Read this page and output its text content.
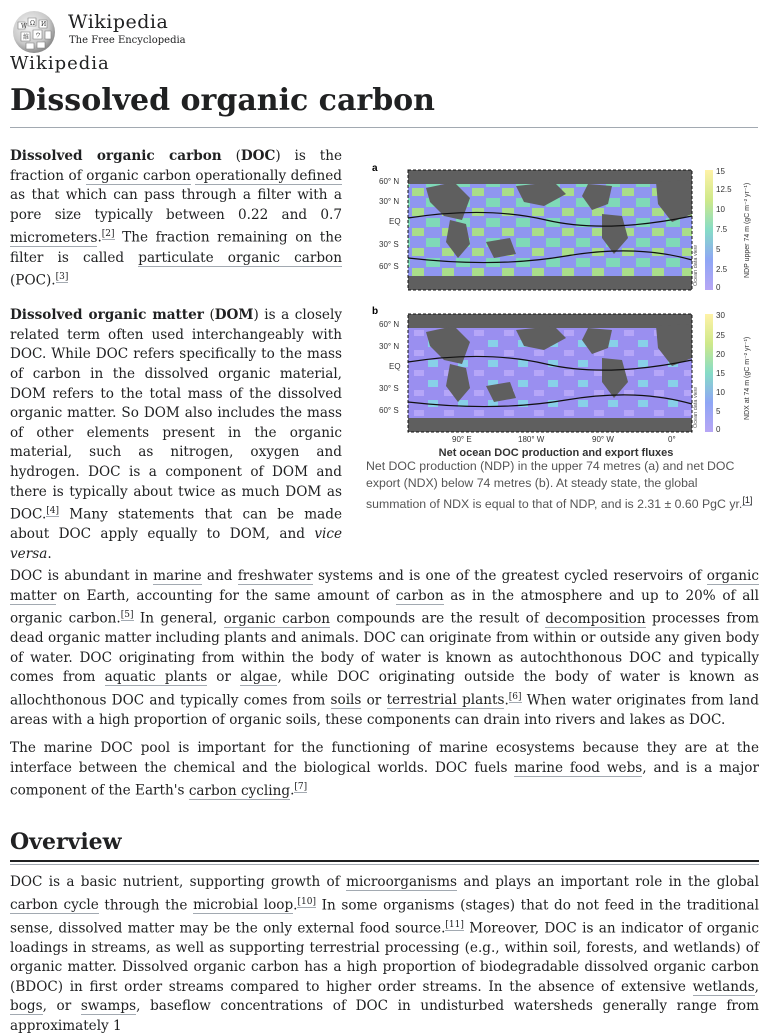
W Ω И
維 ウ
Wikipedia
The Free Encyclopedia
Wikipedia
Dissolved organic carbon

Dissolved organic carbon (DOC) is the fraction of organic carbon operationally defined as that which can pass through a filter with a pore size typically between 0.22 and 0.7 micrometers.[2] The fraction remaining on the filter is called particulate organic carbon (POC).[3]

Dissolved organic matter (DOM) is a closely related term often used interchangeably with DOC. While DOC refers specifically to the mass of carbon in the dissolved organic material, DOM refers to the total mass of the dissolved organic matter. So DOM also includes the mass of other elements present in the organic material, such as nitrogen, oxygen and hydrogen. DOC is a component of DOM and there is typically about twice as much DOM as DOC.[4] Many statements that can be made about DOC apply equally to DOM, and vice versa.

a
60° N
30° N
EQ
30° S
60° S	Ocean data view
15
12.5
10
7.5
5
2.5
0
NDP upper 74 m (gC m⁻² yr⁻¹)
b
60° N
30° N
EQ
30° S
60° S	Ocean data view
30
25
20
15
10
5
0
NDX at 74 m (gC m⁻² yr⁻¹)
90° E	180° W	90° W	0°
Net ocean DOC production and export fluxes

Net DOC production (NDP) in the upper 74 metres (a) and net DOC export (NDX) below 74 metres (b). At steady state, the global summation of NDX is equal to that of NDP, and is 2.31 ± 0.60 PgC yr.[1]

DOC is abundant in marine and freshwater systems and is one of the greatest cycled reservoirs of organic matter on Earth, accounting for the same amount of carbon as in the atmosphere and up to 20% of all organic carbon.[5] In general, organic carbon compounds are the result of decomposition processes from dead organic matter including plants and animals. DOC can originate from within or outside any given body of water. DOC originating from within the body of water is known as autochthonous DOC and typically comes from aquatic plants or algae, while DOC originating outside the body of water is known as allochthonous DOC and typically comes from soils or terrestrial plants.[6] When water originates from land areas with a high proportion of organic soils, these components can drain into rivers and lakes as DOC.

The marine DOC pool is important for the functioning of marine ecosystems because they are at the interface between the chemical and the biological worlds. DOC fuels marine food webs, and is a major component of the Earth's carbon cycling.[7]

Overview

DOC is a basic nutrient, supporting growth of microorganisms and plays an important role in the global carbon cycle through the microbial loop.[10] In some organisms (stages) that do not feed in the traditional sense, dissolved matter may be the only external food source.[11] Moreover, DOC is an indicator of organic loadings in streams, as well as supporting terrestrial processing (e.g., within soil, forests, and wetlands) of organic matter. Dissolved organic carbon has a high proportion of biodegradable dissolved organic carbon (BDOC) in first order streams compared to higher order streams. In the absence of extensive wetlands, bogs, or swamps, baseflow concentrations of DOC in undisturbed watersheds generally range from approximately 1
